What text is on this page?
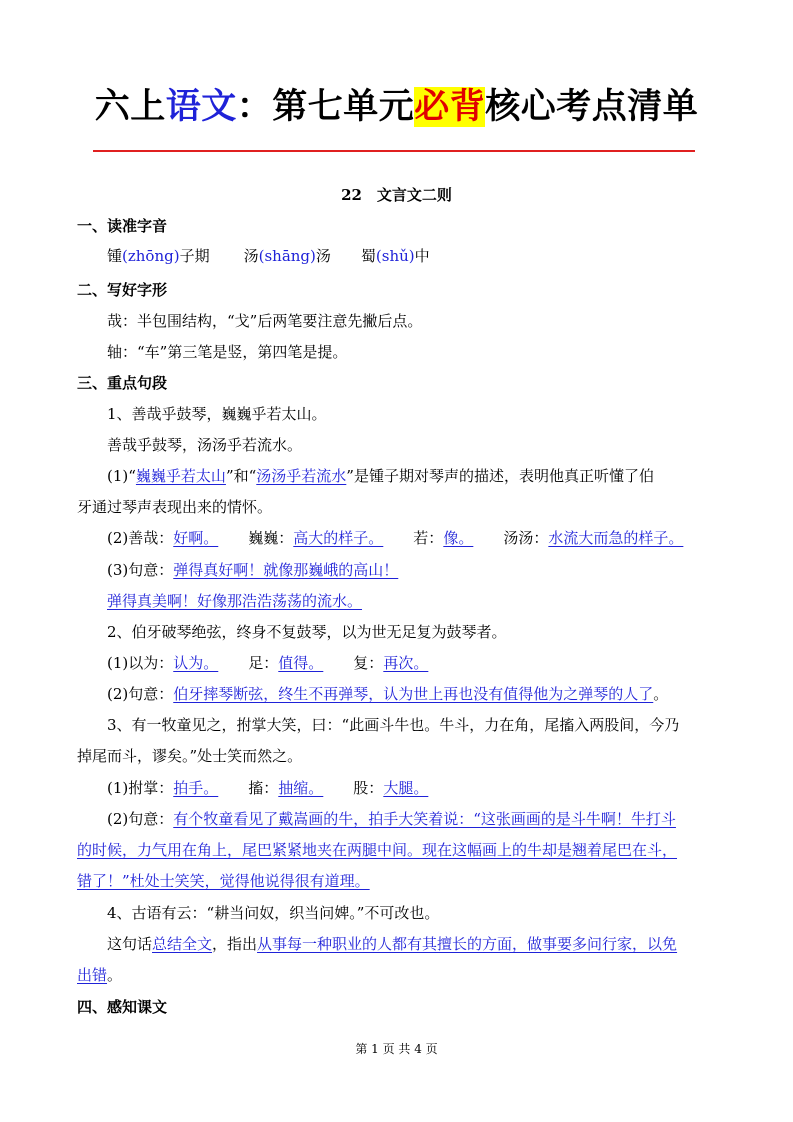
六上语文：第七单元必背核心考点清单
22　文言文二则
一、读准字音
锺(zhōng)子期 汤(shāng)汤 蜀(shǔ)中
二、写好字形
哉：半包围结构，“戈”后两笔要注意先撇后点。
轴：“车”第三笔是竖，第四笔是提。
三、重点句段
1、善哉乎鼓琴，巍巍乎若太山。
善哉乎鼓琴，汤汤乎若流水。
(1)“巍巍乎若太山”和“汤汤乎若流水”是锺子期对琴声的描述，表明他真正听懂了伯
牙通过琴声表现出来的情怀。
(2)善哉：好啊。 巍巍：高大的样子。 若：像。 汤汤：水流大而急的样子。
(3)句意：弹得真好啊！就像那巍峨的高山！
弹得真美啊！好像那浩浩荡荡的流水。
2、伯牙破琴绝弦，终身不复鼓琴，以为世无足复为鼓琴者。
(1)以为：认为。 足：值得。 复：再次。
(2)句意：伯牙摔琴断弦，终生不再弹琴，认为世上再也没有值得他为之弹琴的人了。
3、有一牧童见之，拊掌大笑，曰：“此画斗牛也。牛斗，力在角，尾搐入两股间，今乃
掉尾而斗，谬矣。”处士笑而然之。
(1)拊掌：拍手。 搐：抽缩。 股：大腿。
(2)句意：有个牧童看见了戴嵩画的牛，拍手大笑着说：“这张画画的是斗牛啊！牛打斗
的时候，力气用在角上，尾巴紧紧地夹在两腿中间。现在这幅画上的牛却是翘着尾巴在斗，
错了！”杜处士笑笑，觉得他说得很有道理。
4、古语有云：“耕当问奴，织当问婢。”不可改也。
这句话总结全文，指出从事每一种职业的人都有其擅长的方面，做事要多问行家，以免
出错。
四、感知课文
第 1 页 共 4 页
